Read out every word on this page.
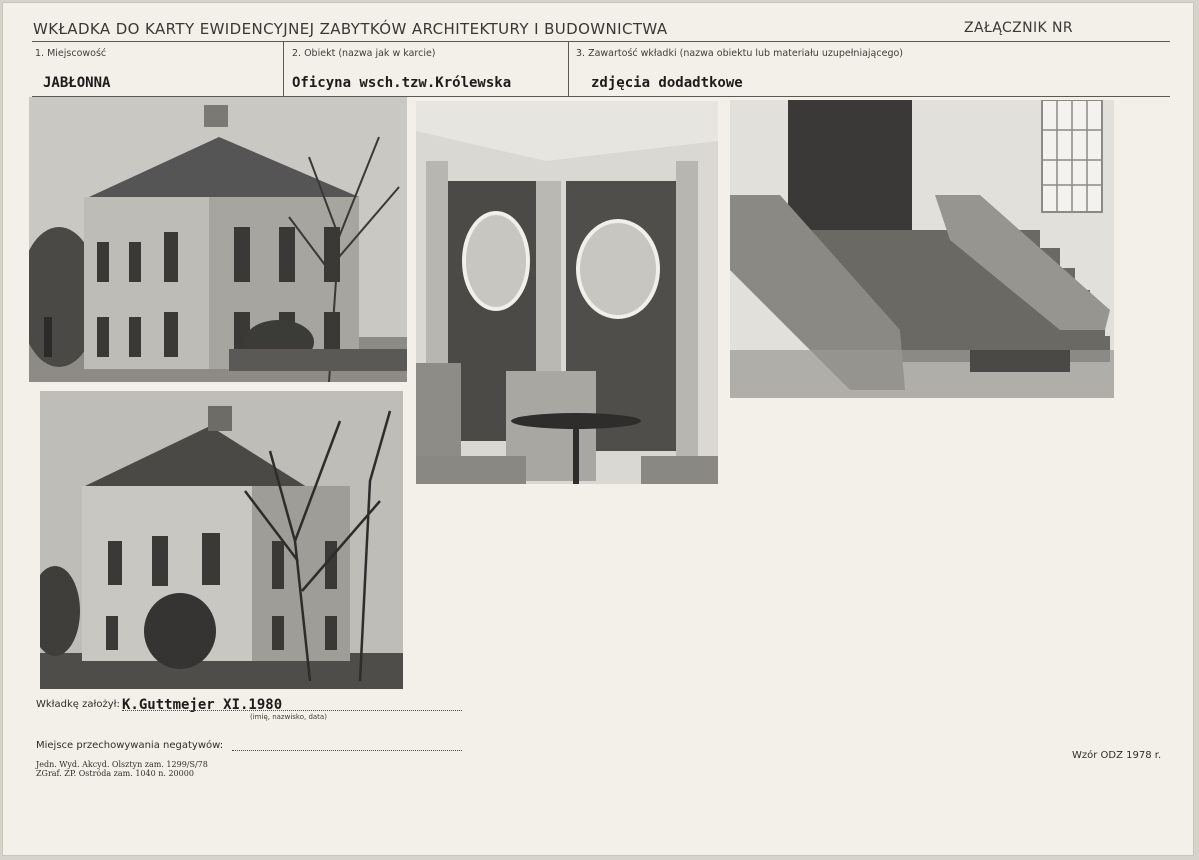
WKŁADKA DO KARTY EWIDENCYJNEJ ZABYTKÓW ARCHITEKTURY I BUDOWNICTWA	ZAŁĄCZNIK NR
1. Miejscowość
JABŁONNA
2. Obiekt (nazwa jak w karcie)
Oficyna wsch.tzw.Królewska
3. Zawartość wkładki (nazwa obiektu lub materiału uzupełniającego)
zdjęcia dodadtkowe
Wkładkę założył: K.Guttmejer XI.1980
(imię, nazwisko, data)
Miejsce przechowywania negatywów:
Jedn. Wyd. Akcyd. Olsztyn zam. 1299/S/78
ZGraf. ZP. Ostróda zam. 1040 n. 20000
Wzór ODZ 1978 r.
